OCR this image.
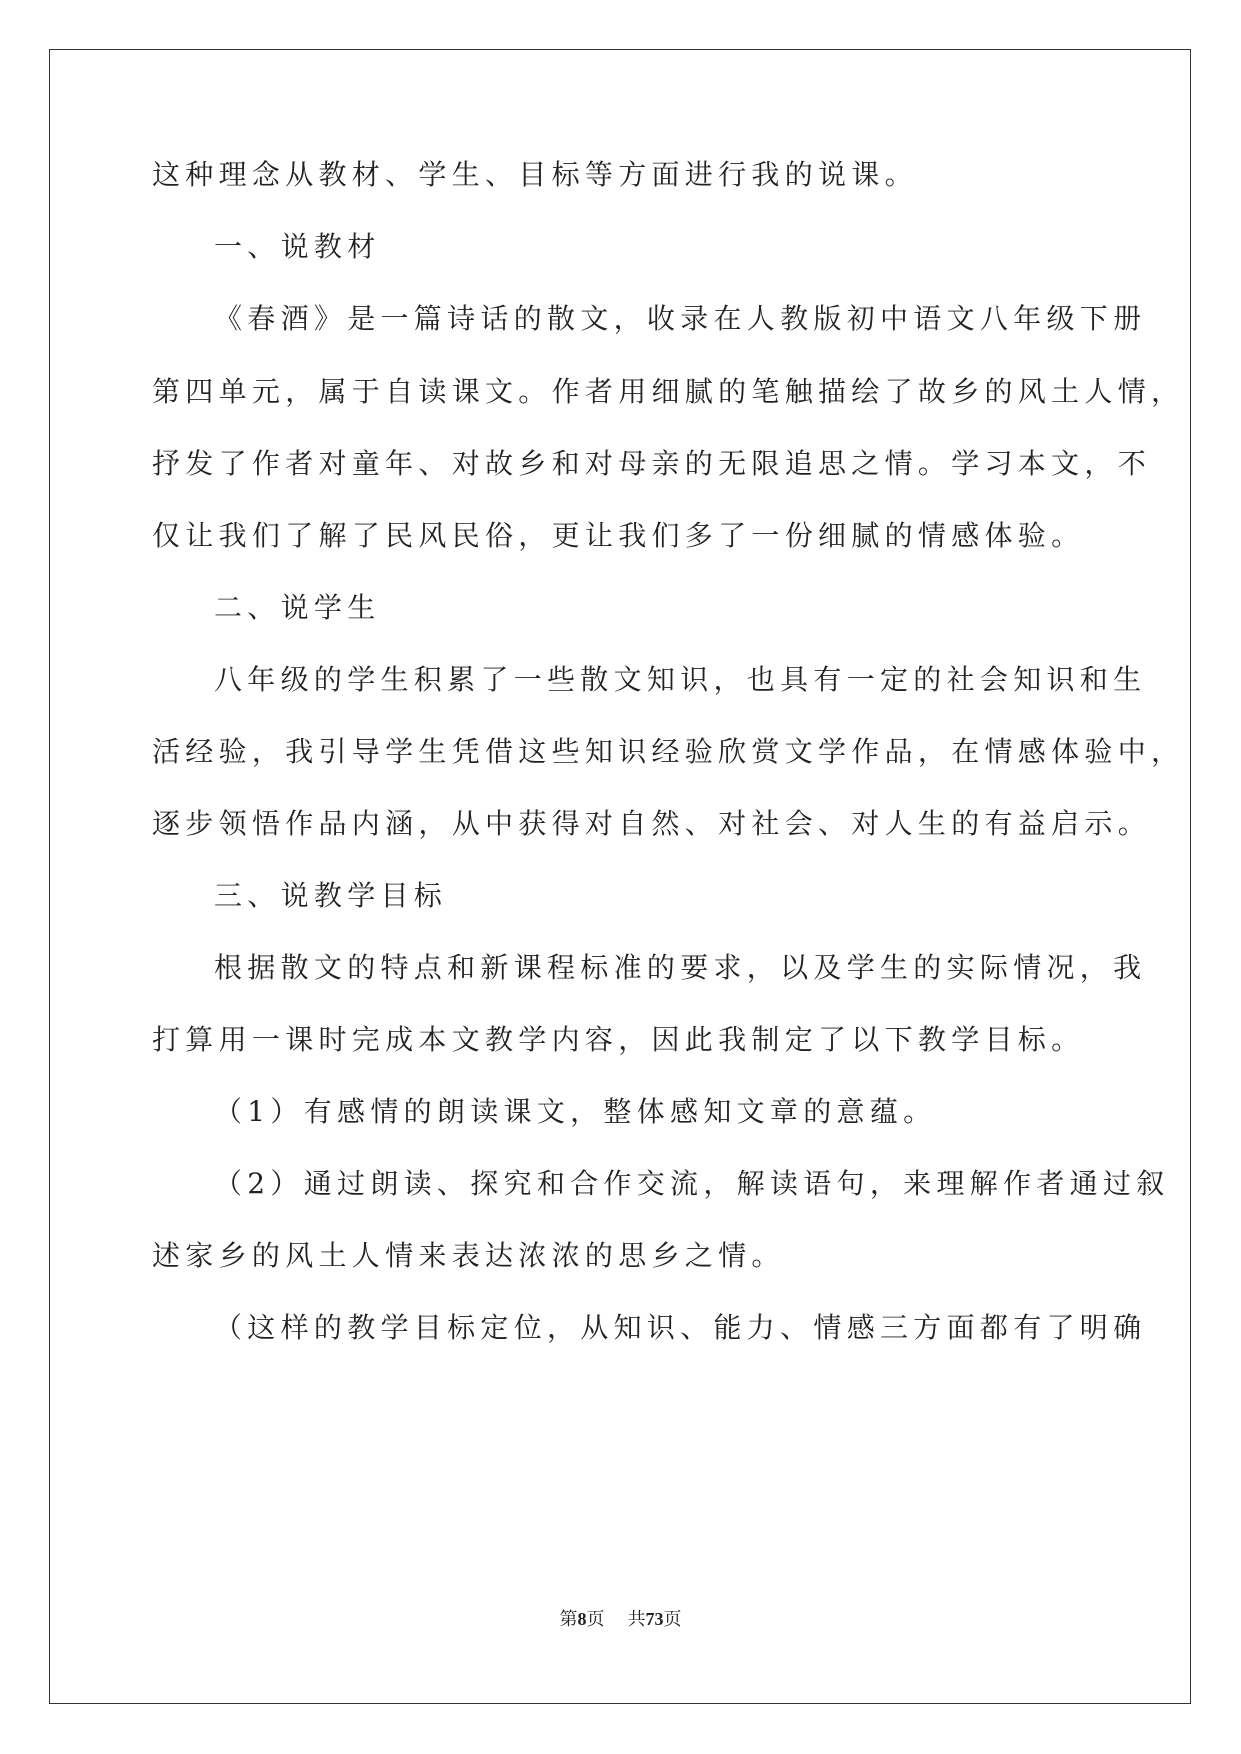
这种理念从教材、学生、目标等方面进行我的说课。
一、说教材
《春酒》是一篇诗话的散文，收录在人教版初中语文八年级下册
第四单元，属于自读课文。作者用细腻的笔触描绘了故乡的风土人情，
抒发了作者对童年、对故乡和对母亲的无限追思之情。学习本文，不
仅让我们了解了民风民俗，更让我们多了一份细腻的情感体验。
二、说学生
八年级的学生积累了一些散文知识，也具有一定的社会知识和生
活经验，我引导学生凭借这些知识经验欣赏文学作品，在情感体验中，
逐步领悟作品内涵，从中获得对自然、对社会、对人生的有益启示。
三、说教学目标
根据散文的特点和新课程标准的要求，以及学生的实际情况，我
打算用一课时完成本文教学内容，因此我制定了以下教学目标。
（1）有感情的朗读课文，整体感知文章的意蕴。
（2）通过朗读、探究和合作交流，解读语句，来理解作者通过叙
述家乡的风土人情来表达浓浓的思乡之情。
（这样的教学目标定位，从知识、能力、情感三方面都有了明确
第8页 共73页
